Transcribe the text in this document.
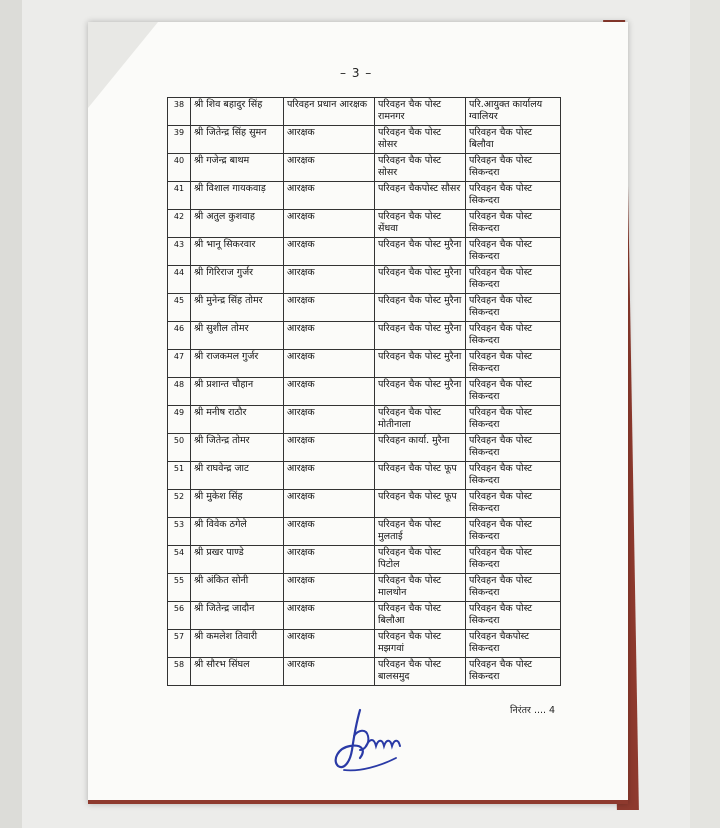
– 3 –
38	श्री शिव बहादुर सिंह	परिवहन प्रधान आरक्षक	परिवहन चैक पोस्ट रामनगर	परि.आयुक्त कार्यालय ग्वालियर
39	श्री जितेन्द्र सिंह सुमन	आरक्षक	परिवहन चैक पोस्ट सोसर	परिवहन चैक पोस्ट बिलौवा
40	श्री गजेन्द्र बाथम	आरक्षक	परिवहन चैक पोस्ट सोसर	परिवहन चैक पोस्ट सिकन्दरा
41	श्री विशाल गायकवाड़	आरक्षक	परिवहन चैकपोस्ट सौसर	परिवहन चैक पोस्ट सिकन्दरा
42	श्री अतुल कुशवाह	आरक्षक	परिवहन चैक पोस्ट सेंधवा	परिवहन चैक पोस्ट सिकन्दरा
43	श्री भानू सिकरवार	आरक्षक	परिवहन चैक पोस्ट मुरैना	परिवहन चैक पोस्ट सिकन्दरा
44	श्री गिरिराज गुर्जर	आरक्षक	परिवहन चैक पोस्ट मुरैना	परिवहन चैक पोस्ट सिकन्दरा
45	श्री मुनेन्द्र सिंह तोमर	आरक्षक	परिवहन चैक पोस्ट मुरैना	परिवहन चैक पोस्ट सिकन्दरा
46	श्री सुशील तोमर	आरक्षक	परिवहन चैक पोस्ट मुरैना	परिवहन चैक पोस्ट सिकन्दरा
47	श्री राजकमल गुर्जर	आरक्षक	परिवहन चैक पोस्ट मुरैना	परिवहन चैक पोस्ट सिकन्दरा
48	श्री प्रशान्त चौहान	आरक्षक	परिवहन चैक पोस्ट मुरैना	परिवहन चैक पोस्ट सिकन्दरा
49	श्री मनीष राठौर	आरक्षक	परिवहन चैक पोस्ट मोतीनाला	परिवहन चैक पोस्ट सिकन्दरा
50	श्री जितेन्द्र तोमर	आरक्षक	परिवहन कार्या. मुरैना	परिवहन चैक पोस्ट सिकन्दरा
51	श्री राघवेन्द्र जाट	आरक्षक	परिवहन चैक पोस्ट फूप	परिवहन चैक पोस्ट सिकन्दरा
52	श्री मुकेश सिंह	आरक्षक	परिवहन चैक पोस्ट फूप	परिवहन चैक पोस्ट सिकन्दरा
53	श्री विवेक ठगेले	आरक्षक	परिवहन चैक पोस्ट मुलताई	परिवहन चैक पोस्ट सिकन्दरा
54	श्री प्रखर पाण्डे	आरक्षक	परिवहन चैक पोस्ट पिटोल	परिवहन चैक पोस्ट सिकन्दरा
55	श्री अंकित सोनी	आरक्षक	परिवहन चैक पोस्ट मालथोन	परिवहन चैक पोस्ट सिकन्दरा
56	श्री जितेन्द्र जादौन	आरक्षक	परिवहन चैक पोस्ट बिलौआ	परिवहन चैक पोस्ट सिकन्दरा
57	श्री कमलेश तिवारी	आरक्षक	परिवहन चैक पोस्ट मझगवां	परिवहन चैकपोस्ट सिकन्दरा
58	श्री सौरभ सिंघल	आरक्षक	परिवहन चैक पोस्ट बालसमुद	परिवहन चैक पोस्ट सिकन्दरा
निरंतर .... 4
